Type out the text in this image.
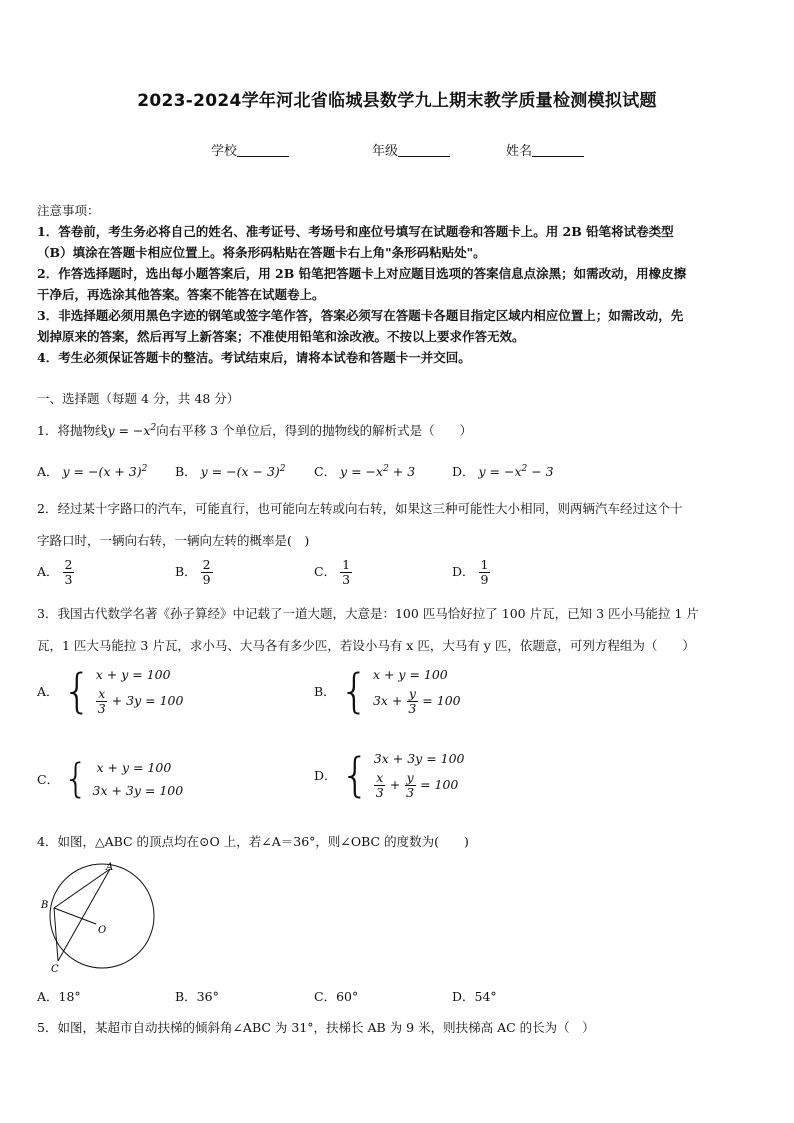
2023-2024学年河北省临城县数学九上期末教学质量检测模拟试题
学校	年级	姓名
注意事项：
1．答卷前，考生务必将自己的姓名、准考证号、考场号和座位号填写在试题卷和答题卡上。用 2B 铅笔将试卷类型
（B）填涂在答题卡相应位置上。将条形码粘贴在答题卡右上角"条形码粘贴处"。
2．作答选择题时，选出每小题答案后，用 2B 铅笔把答题卡上对应题目选项的答案信息点涂黑；如需改动，用橡皮擦
干净后，再选涂其他答案。答案不能答在试题卷上。
3．非选择题必须用黑色字迹的钢笔或签字笔作答，答案必须写在答题卡各题目指定区域内相应位置上；如需改动，先
划掉原来的答案，然后再写上新答案；不准使用铅笔和涂改液。不按以上要求作答无效。
4．考生必须保证答题卡的整洁。考试结束后，请将本试卷和答题卡一并交回。
一、选择题（每题 4 分，共 48 分）
1．将抛物线$y = -x^2$向右平移 3 个单位后，得到的抛物线的解析式是（　　）
A． $y = -(x + 3)^2$ B． $y = -(x - 3)^2$ C． $y = -x^2 + 3$	D． $y = -x^2 - 3$
2．经过某十字路口的汽车，可能直行，也可能向左转或向右转，如果这三种可能性大小相同，则两辆汽车经过这个十
字路口时，一辆向右转，一辆向左转的概率是(　)
A． $\frac{2}{3}$	B． $\frac{2}{9}$	C． $\frac{1}{3}$	D． $\frac{1}{9}$
3．我国古代数学名著《孙子算经》中记载了一道大题，大意是：100 匹马恰好拉了 100 片瓦，已知 3 匹小马能拉 1 片
瓦，1 匹大马能拉 3 片瓦，求小马、大马各有多少匹，若设小马有 x 匹，大马有 y 匹，依题意，可列方程组为（　　）
A． { x + y = 100
$\frac{x}{3} + 3y = 100$
B． { x + y = 100
$3x + \frac{y}{3} = 100$
C． { x + y = 100
3x + 3y = 100
D． { 3x + 3y = 100
$\frac{x}{3} + \frac{y}{3} = 100$
4．如图，△ABC 的顶点均在⊙O 上，若∠A＝36°，则∠OBC 的度数为(　　)
A
B
O
C
A．18°	B．36°	C．60°	D．54°
5．如图，某超市自动扶梯的倾斜角∠ABC 为 31°，扶梯长 AB 为 9 米，则扶梯高 AC 的长为（　）
